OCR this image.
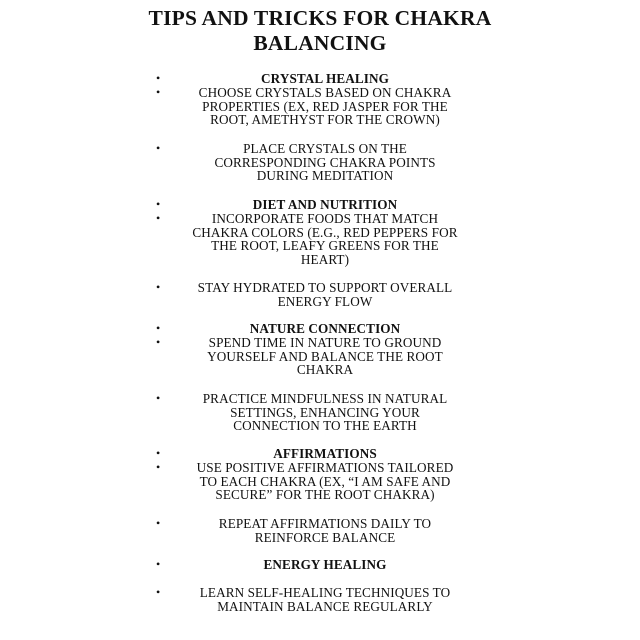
TIPS AND TRICKS FOR CHAKRA
BALANCING
•	CRYSTAL HEALING
•	CHOOSE CRYSTALS BASED ON CHAKRA
PROPERTIES (EX, RED JASPER FOR THE
ROOT, AMETHYST FOR THE CROWN)
•	PLACE CRYSTALS ON THE
CORRESPONDING CHAKRA POINTS
DURING MEDITATION
•	DIET AND NUTRITION
•	INCORPORATE FOODS THAT MATCH
CHAKRA COLORS (E.G., RED PEPPERS FOR
THE ROOT, LEAFY GREENS FOR THE
HEART)
•	STAY HYDRATED TO SUPPORT OVERALL
ENERGY FLOW
•	NATURE CONNECTION
•	SPEND TIME IN NATURE TO GROUND
YOURSELF AND BALANCE THE ROOT
CHAKRA
•	PRACTICE MINDFULNESS IN NATURAL
SETTINGS, ENHANCING YOUR
CONNECTION TO THE EARTH
•	AFFIRMATIONS
•	USE POSITIVE AFFIRMATIONS TAILORED
TO EACH CHAKRA (EX, “I AM SAFE AND
SECURE” FOR THE ROOT CHAKRA)
•	REPEAT AFFIRMATIONS DAILY TO
REINFORCE BALANCE
•	ENERGY HEALING
•	LEARN SELF-HEALING TECHNIQUES TO
MAINTAIN BALANCE REGULARLY
